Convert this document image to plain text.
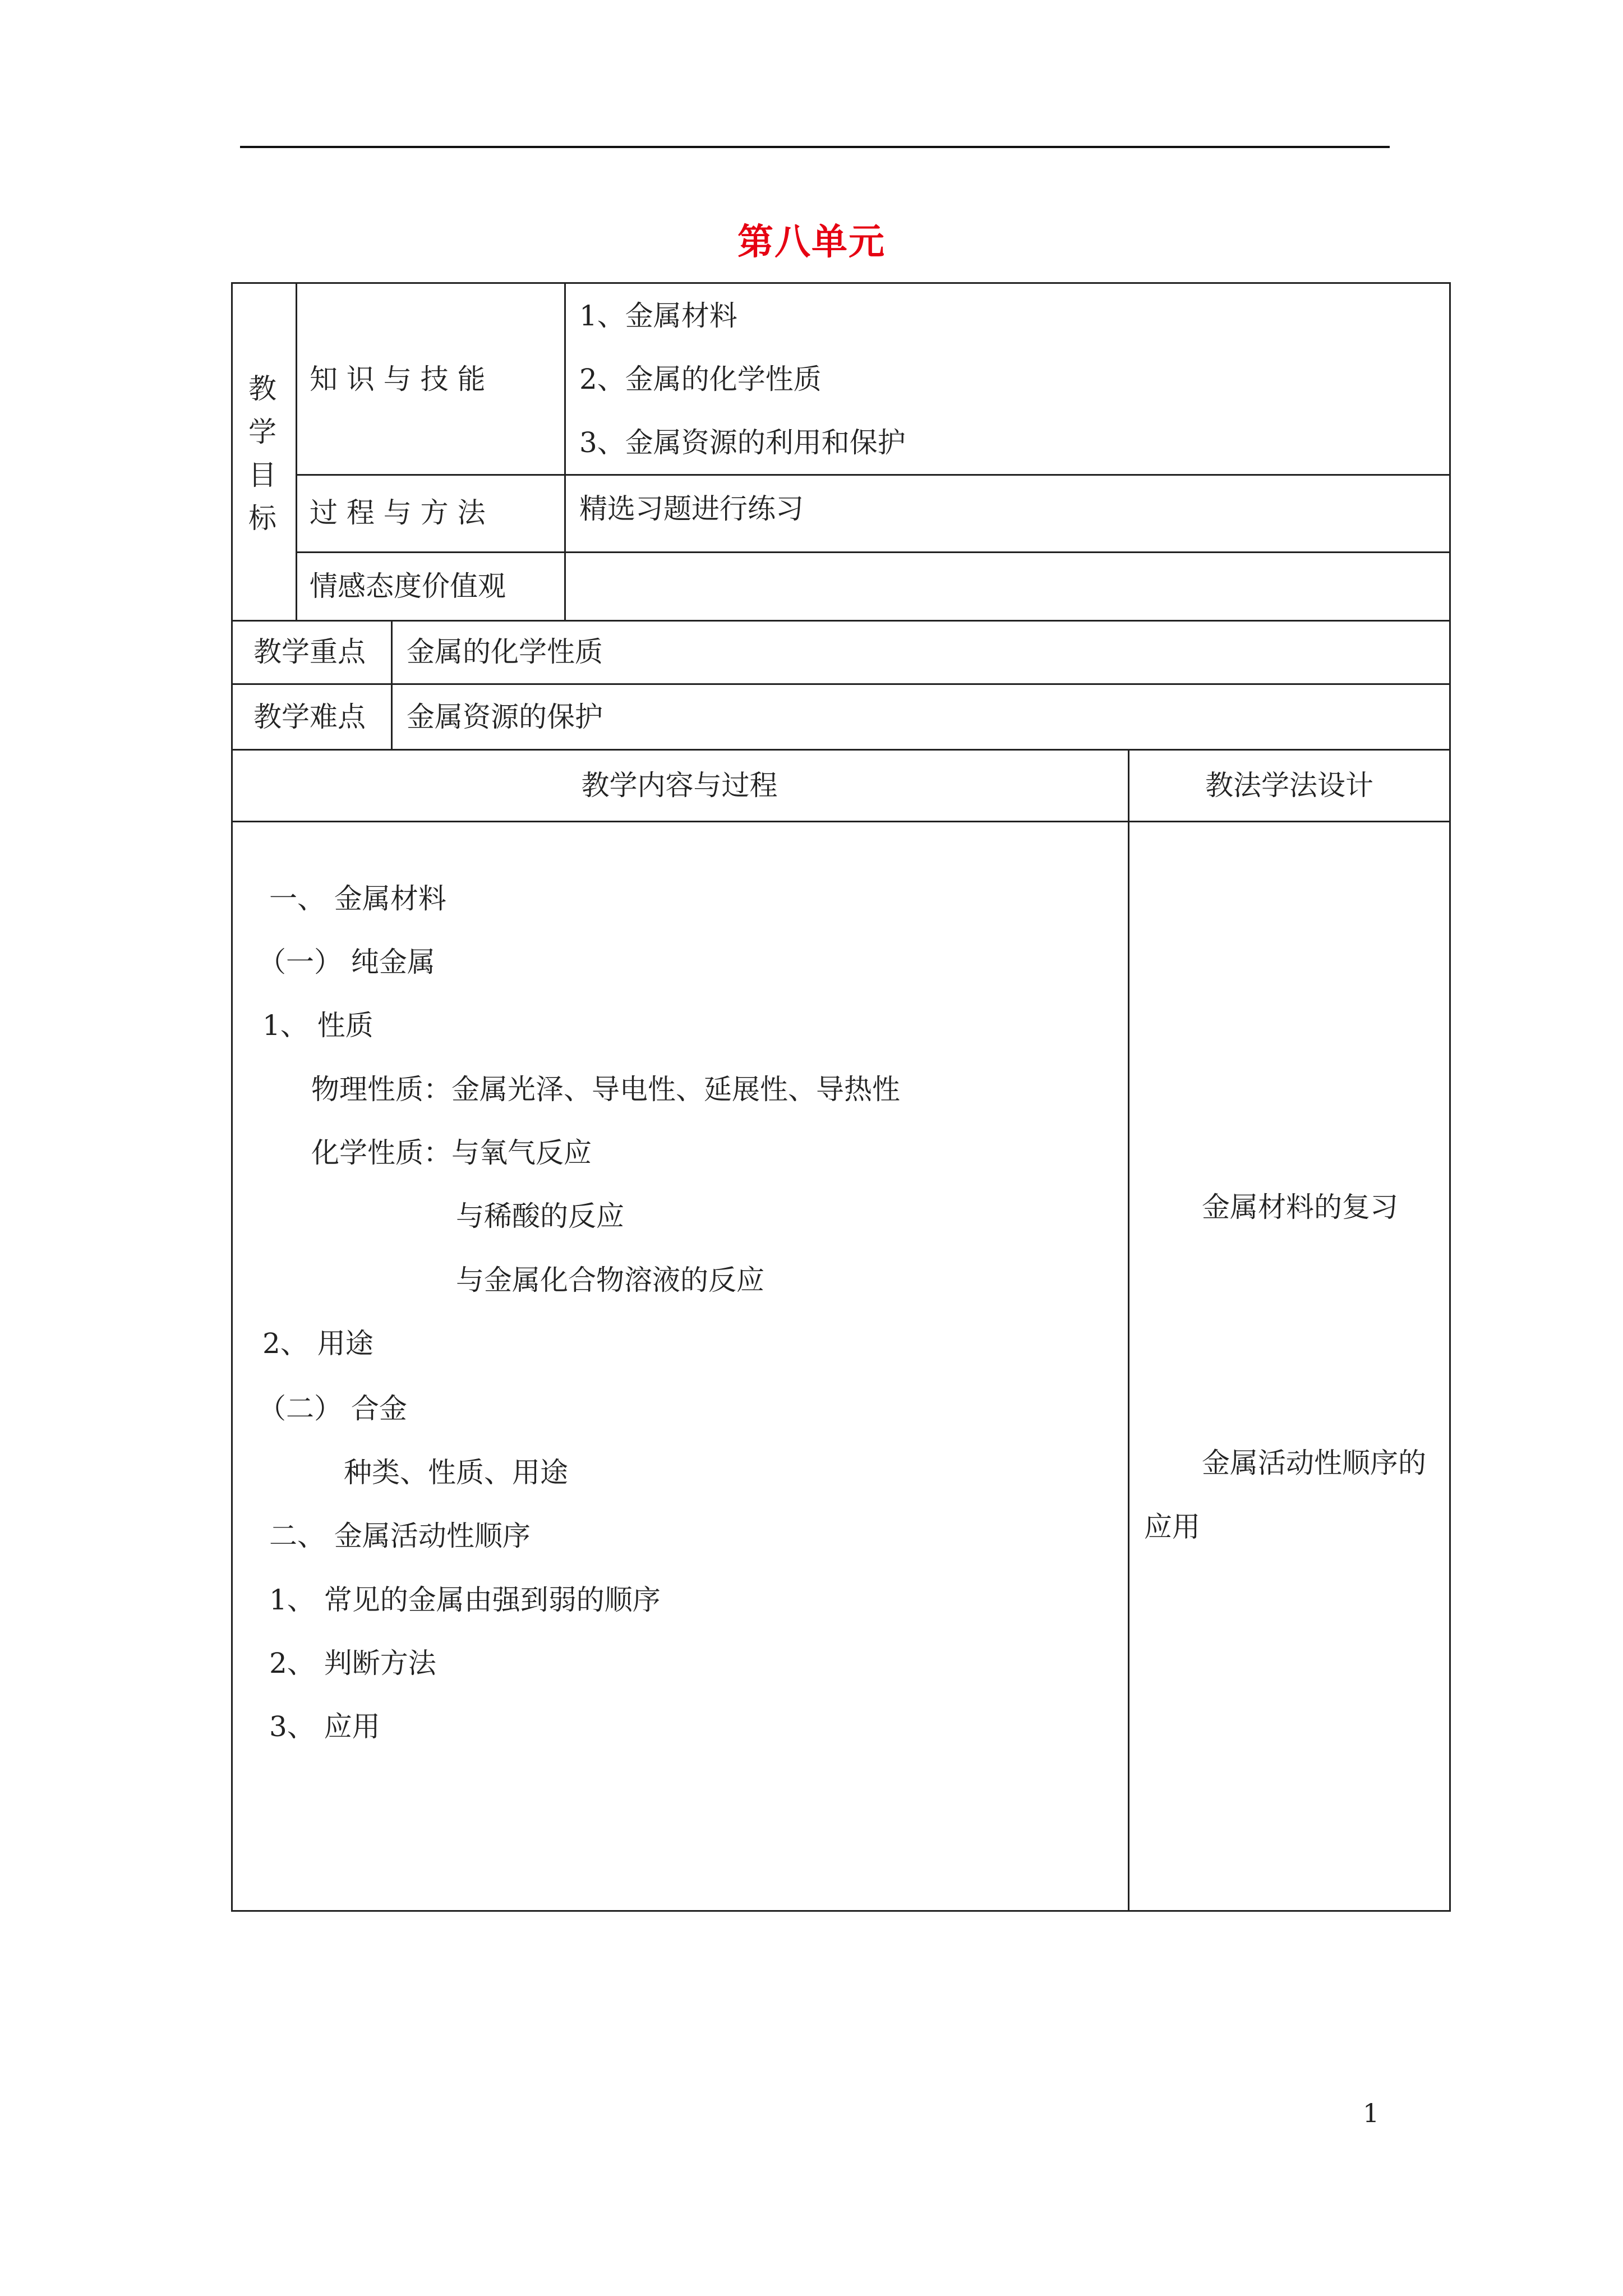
第八单元
教
学
目
标
知 识 与 技 能
1、金属材料
2、金属的化学性质
3、金属资源的利用和保护
过 程 与 方 法	精选习题进行练习
情感态度价值观
教学重点 金属的化学性质
教学难点 金属资源的保护
教学内容与过程	教法学法设计
一、 金属材料
（一） 纯金属
1、 性质
物理性质：金属光泽、导电性、延展性、导热性
化学性质：与氧气反应
与稀酸的反应
与金属化合物溶液的反应
2、 用途
（二） 合金
种类、性质、用途
二、 金属活动性顺序
1、 常见的金属由强到弱的顺序
2、 判断方法
3、 应用
金属材料的复习
金属活动性顺序的
应用
1
